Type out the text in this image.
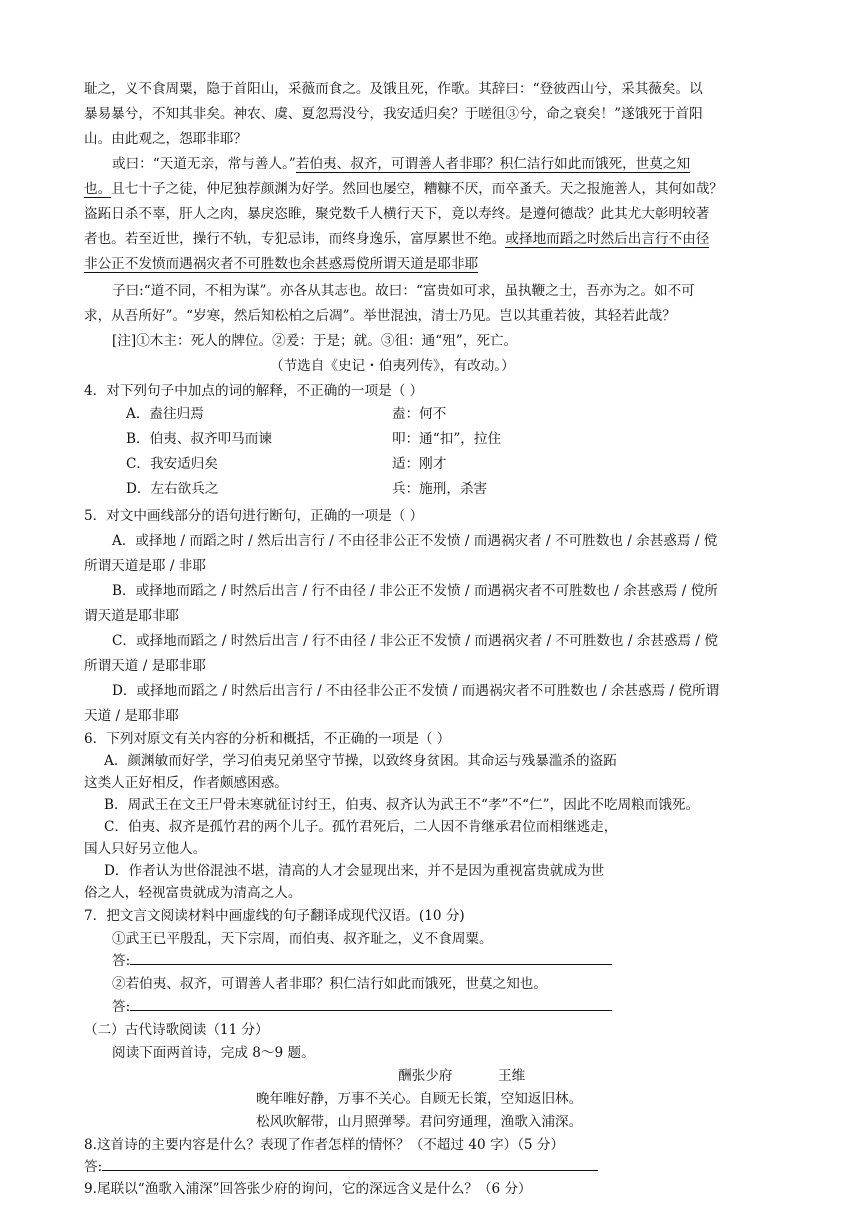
耻之，义不食周粟，隐于首阳山，采薇而食之。及饿且死，作歌。其辞曰：“登彼西山兮，采其薇矣。以
暴易暴兮，不知其非矣。神农、虞、夏忽焉没兮，我安适归矣？于嗟徂③兮，命之衰矣！”遂饿死于首阳
山。由此观之，怨耶非耶？
或曰：“天道无亲，常与善人。”若伯夷、叔齐，可谓善人者非耶？积仁洁行如此而饿死，世莫之知
也。且七十子之徒，仲尼独荐颜渊为好学。然回也屡空，糟糠不厌，而卒蚤夭。天之报施善人，其何如哉？
盗跖日杀不辜，肝人之肉，暴戾恣睢，聚党数千人横行天下，竟以寿终。是遵何德哉？此其尤大彰明较著
者也。若至近世，操行不轨，专犯忌讳，而终身逸乐，富厚累世不绝。或择地而蹈之时然后出言行不由径
非公正不发愤而遇祸灾者不可胜数也余甚惑焉傥所谓天道是耶非耶
子曰:“道不同，不相为谋”。亦各从其志也。故曰：“富贵如可求，虽执鞭之士，吾亦为之。如不可
求，从吾所好”。“岁寒，然后知松柏之后凋”。举世混浊，清士乃见。岂以其重若彼，其轻若此哉？
[注]①木主：死人的牌位。②爰：于是；就。③徂：通“殂”，死亡。
（节选自《史记・伯夷列传》，有改动。）
4．对下列句子中加点的词的解释，不正确的一项是（ ）
A．盍往归焉	盍：何不
B．伯夷、叔齐叩马而谏	叩：通“扣”，拉住
C．我安适归矣	适：刚才
D．左右欲兵之	兵：施刑，杀害
5．对文中画线部分的语句进行断句，正确的一项是（ ）
A．或择地 / 而蹈之时 / 然后出言行 / 不由径非公正不发愤 / 而遇祸灾者 / 不可胜数也 / 余甚惑焉 / 傥
所谓天道是耶 / 非耶
B．或择地而蹈之 / 时然后出言 / 行不由径 / 非公正不发愤 / 而遇祸灾者不可胜数也 / 余甚惑焉 / 傥所
谓天道是耶非耶
C．或择地而蹈之 / 时然后出言 / 行不由径 / 非公正不发愤 / 而遇祸灾者 / 不可胜数也 / 余甚惑焉 / 傥
所谓天道 / 是耶非耶
D．或择地而蹈之 / 时然后出言行 / 不由径非公正不发愤 / 而遇祸灾者不可胜数也 / 余甚惑焉 / 傥所谓
天道 / 是耶非耶
6．下列对原文有关内容的分析和概括，不正确的一项是（ ）
A．颜渊敏而好学，学习伯夷兄弟坚守节操，以致终身贫困。其命运与残暴滥杀的盗跖
这类人正好相反，作者颇感困惑。
B．周武王在文王尸骨未寒就征讨纣王，伯夷、叔齐认为武王不“孝”不“仁”，因此不吃周粮而饿死。
C．伯夷、叔齐是孤竹君的两个儿子。孤竹君死后，二人因不肯继承君位而相继逃走，
国人只好另立他人。
D．作者认为世俗混浊不堪，清高的人才会显现出来，并不是因为重视富贵就成为世
俗之人，轻视富贵就成为清高之人。
7．把文言文阅读材料中画虚线的句子翻译成现代汉语。(10 分)
①武王已平殷乱，天下宗周，而伯夷、叔齐耻之，义不食周粟。
答:
②若伯夷、叔齐，可谓善人者非耶？积仁洁行如此而饿死，世莫之知也。
答:
（二）古代诗歌阅读（11 分）
阅读下面两首诗，完成 8～9 题。
酬张少府	王维
晚年唯好静，万事不关心。自顾无长策，空知返旧林。
松风吹解带，山月照弹琴。君问穷通理，渔歌入浦深。
8.这首诗的主要内容是什么？表现了作者怎样的情怀？（不超过 40 字）（5 分）
答:
9.尾联以“渔歌入浦深”回答张少府的询问，它的深远含义是什么？（6 分）
